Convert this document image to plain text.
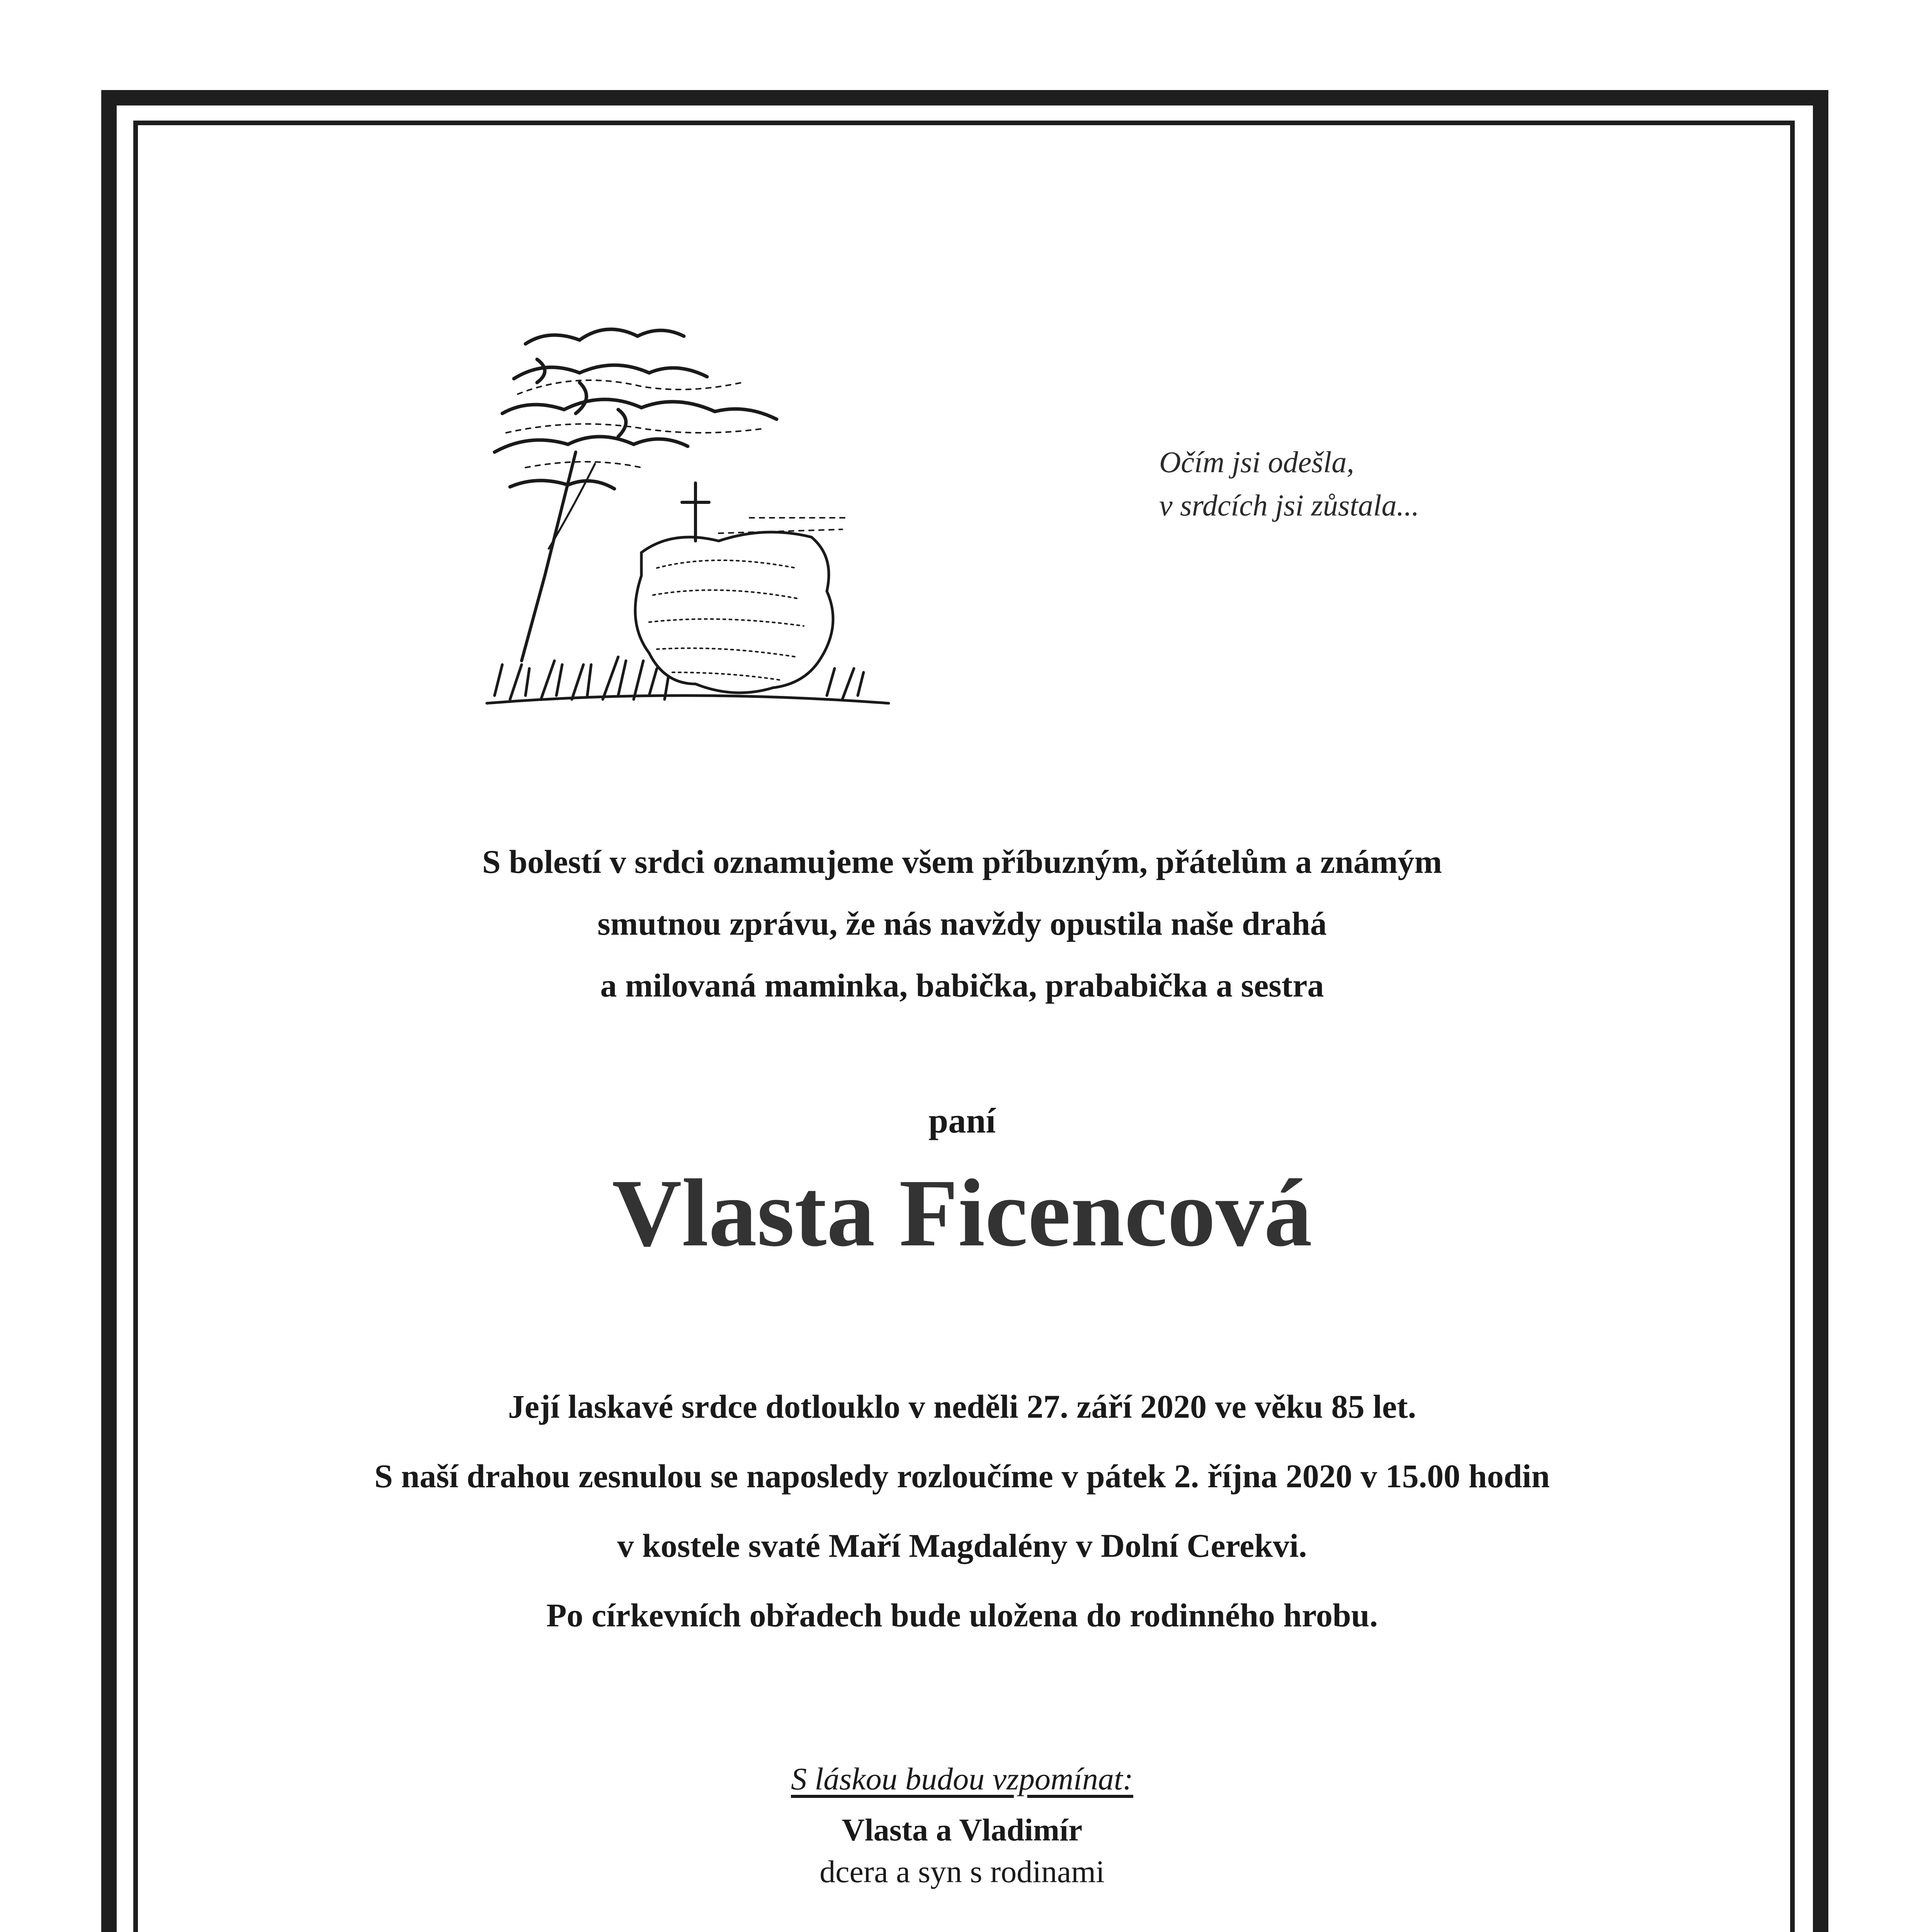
Očím jsi odešla,
v srdcích jsi zůstala...
S bolestí v srdci oznamujeme všem příbuzným, přátelům a známým
smutnou zprávu, že nás navždy opustila naše drahá
a milovaná maminka, babička, prababička a sestra
paní
Vlasta Ficencová
Její laskavé srdce dotlouklo v neděli 27. září 2020 ve věku 85 let.
S naší drahou zesnulou se naposledy rozloučíme v pátek 2. října 2020 v 15.00 hodin
v kostele svaté Maří Magdalény v Dolní Cerekvi.
Po církevních obřadech bude uložena do rodinného hrobu.
S láskou budou vzpomínat:
Vlasta a Vladimír
dcera a syn s rodinami
